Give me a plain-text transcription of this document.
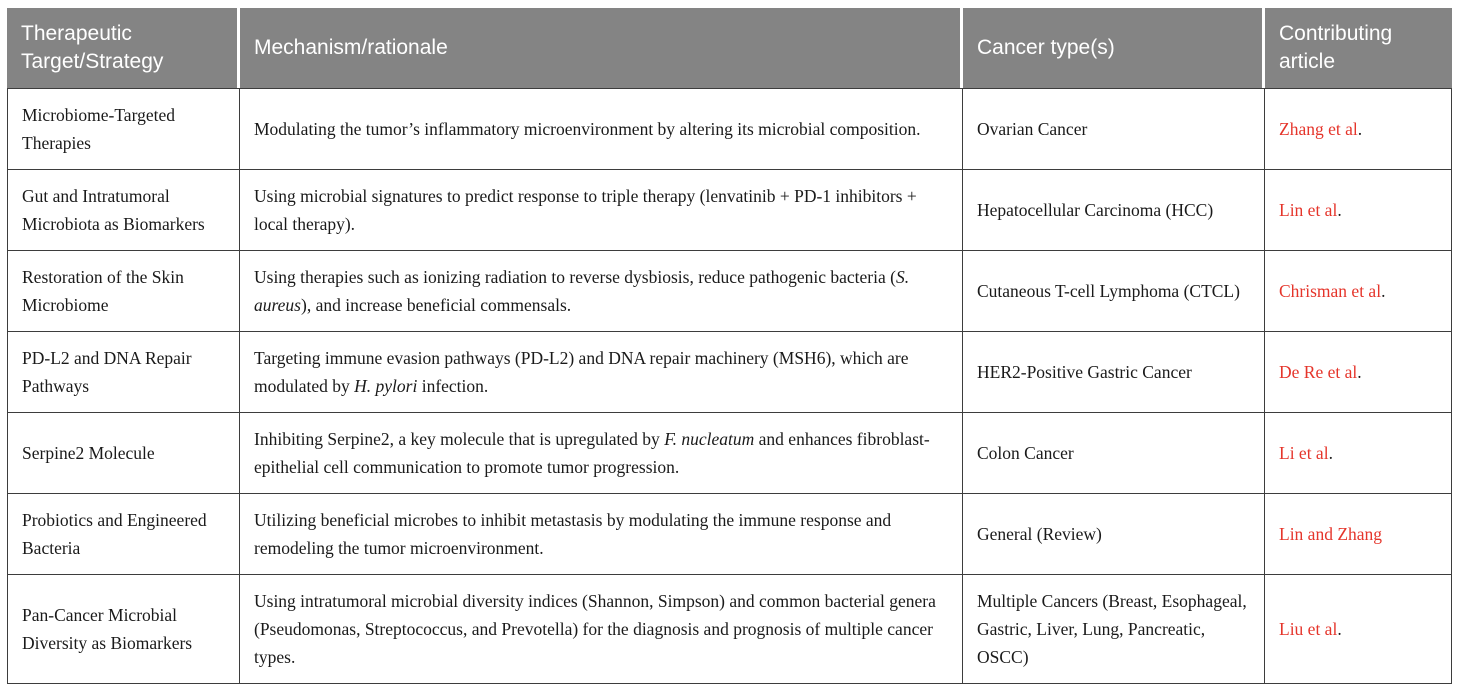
Therapeutic Target/Strategy	Mechanism/rationale	Cancer type(s)	Contributing article
Microbiome-Targeted Therapies	Modulating the tumor’s inflammatory microenvironment by altering its microbial composition.	Ovarian Cancer	Zhang et al.
Gut and Intratumoral Microbiota as Biomarkers	Using microbial signatures to predict response to triple therapy (lenvatinib + PD-1 inhibitors + local therapy).	Hepatocellular Carcinoma (HCC)	Lin et al.
Restoration of the Skin Microbiome	Using therapies such as ionizing radiation to reverse dysbiosis, reduce pathogenic bacteria (S. aureus), and increase beneficial commensals.	Cutaneous T-cell Lymphoma (CTCL)	Chrisman et al.
PD-L2 and DNA Repair Pathways	Targeting immune evasion pathways (PD-L2) and DNA repair machinery (MSH6), which are modulated by H. pylori infection.	HER2-Positive Gastric Cancer	De Re et al.
Serpine2 Molecule	Inhibiting Serpine2, a key molecule that is upregulated by F. nucleatum and enhances fibroblast-epithelial cell communication to promote tumor progression.	Colon Cancer	Li et al.
Probiotics and Engineered Bacteria	Utilizing beneficial microbes to inhibit metastasis by modulating the immune response and remodeling the tumor microenvironment.	General (Review)	Lin and Zhang
Pan-Cancer Microbial Diversity as Biomarkers	Using intratumoral microbial diversity indices (Shannon, Simpson) and common bacterial genera (Pseudomonas, Streptococcus, and Prevotella) for the diagnosis and prognosis of multiple cancer types.	Multiple Cancers (Breast, Esophageal, Gastric, Liver, Lung, Pancreatic, OSCC)	Liu et al.
